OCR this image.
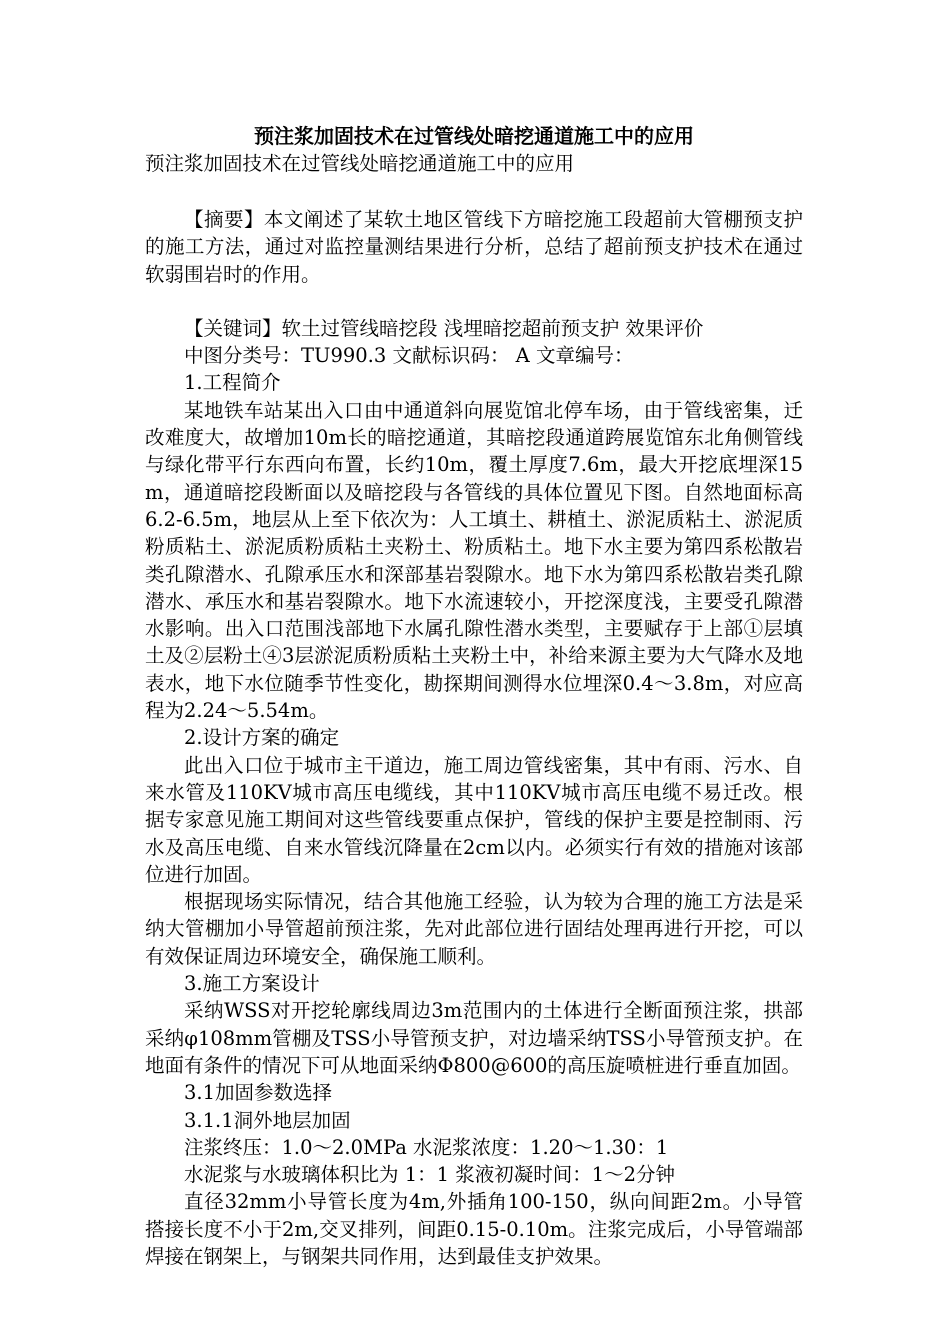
预注浆加固技术在过管线处暗挖通道施工中的应用

预注浆加固技术在过管线处暗挖通道施工中的应用

【摘要】本文阐述了某软土地区管线下方暗挖施工段超前大管棚预支护的施工方法，通过对监控量测结果进行分析，总结了超前预支护技术在通过软弱围岩时的作用。

【关键词】软土过管线暗挖段 浅埋暗挖超前预支护 效果评价

中图分类号：TU990.3 文献标识码： A 文章编号：

1.工程简介

某地铁车站某出入口由中通道斜向展览馆北停车场，由于管线密集，迁改难度大，故增加10m长的暗挖通道，其暗挖段通道跨展览馆东北角侧管线与绿化带平行东西向布置，长约10m，覆土厚度7.6m，最大开挖底埋深15m，通道暗挖段断面以及暗挖段与各管线的具体位置见下图。自然地面标高6.2-6.5m，地层从上至下依次为：人工填土、耕植土、淤泥质粘土、淤泥质粉质粘土、淤泥质粉质粘土夹粉土、粉质粘土。地下水主要为第四系松散岩类孔隙潜水、孔隙承压水和深部基岩裂隙水。地下水为第四系松散岩类孔隙潜水、承压水和基岩裂隙水。地下水流速较小，开挖深度浅，主要受孔隙潜水影响。出入口范围浅部地下水属孔隙性潜水类型，主要赋存于上部①层填土及②层粉土④3层淤泥质粉质粘土夹粉土中，补给来源主要为大气降水及地表水，地下水位随季节性变化，勘探期间测得水位埋深0.4～3.8m，对应高程为2.24～5.54m。

2.设计方案的确定

此出入口位于城市主干道边，施工周边管线密集，其中有雨、污水、自来水管及110KV城市高压电缆线，其中110KV城市高压电缆不易迁改。根据专家意见施工期间对这些管线要重点保护，管线的保护主要是控制雨、污水及高压电缆、自来水管线沉降量在2cm以内。必须实行有效的措施对该部位进行加固。

根据现场实际情况，结合其他施工经验，认为较为合理的施工方法是采纳大管棚加小导管超前预注浆，先对此部位进行固结处理再进行开挖，可以有效保证周边环境安全，确保施工顺利。

3.施工方案设计

采纳WSS对开挖轮廓线周边3m范围内的土体进行全断面预注浆，拱部采纳φ108mm管棚及TSS小导管预支护，对边墙采纳TSS小导管预支护。在地面有条件的情况下可从地面采纳Φ800@600的高压旋喷桩进行垂直加固。

3.1加固参数选择

3.1.1洞外地层加固

注浆终压：1.0～2.0MPa 水泥浆浓度：1.20～1.30：1

水泥浆与水玻璃体积比为 1：1 浆液初凝时间：1～2分钟

直径32mm小导管长度为4m,外插角100-150，纵向间距2m。小导管搭接长度不小于2m,交叉排列，间距0.15-0.10m。注浆完成后，小导管端部焊接在钢架上，与钢架共同作用，达到最佳支护效果。
